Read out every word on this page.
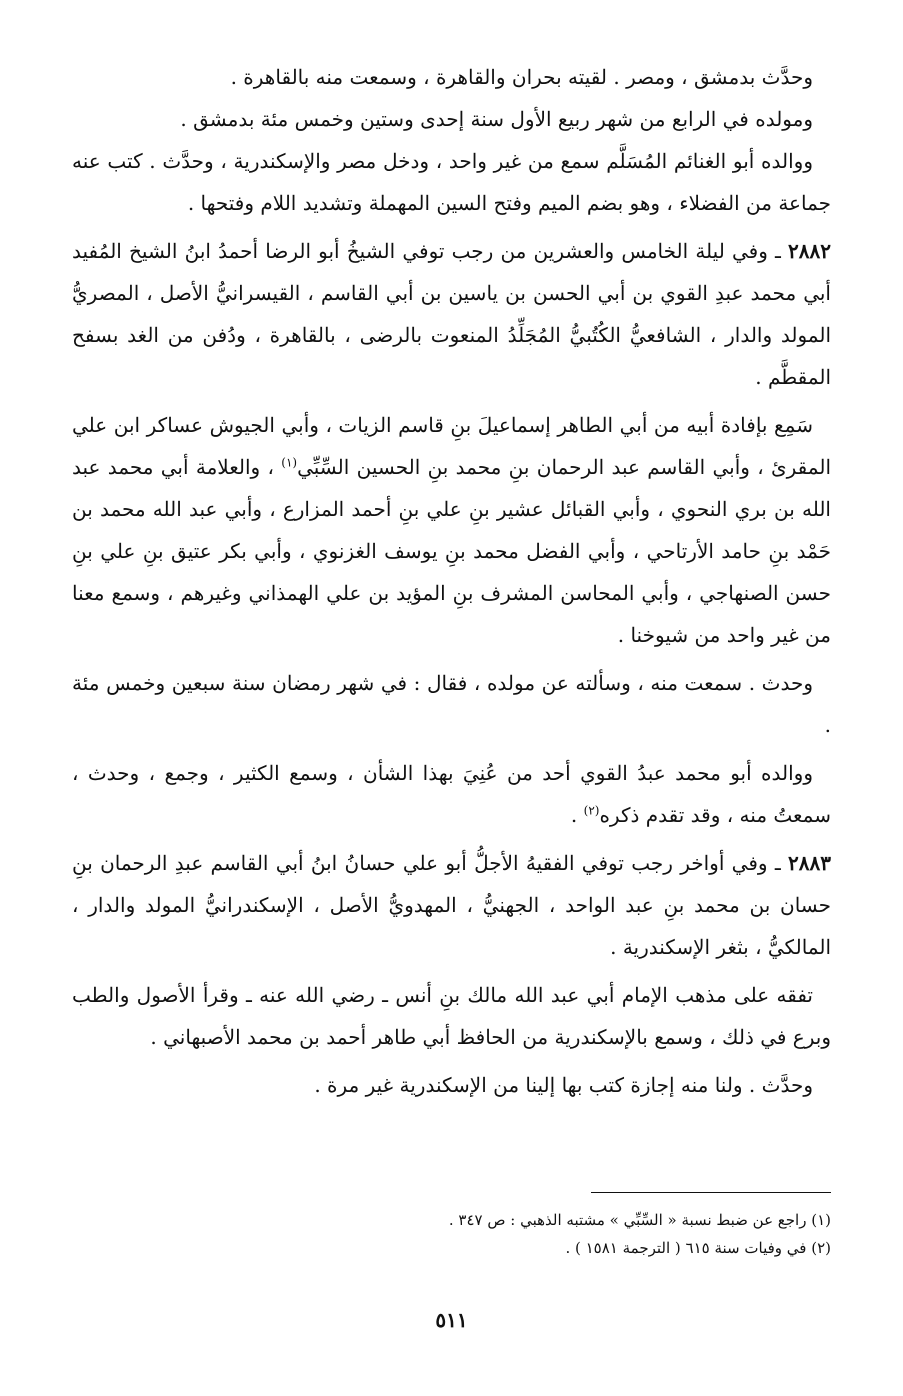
وحدَّث بدمشق ، ومصر . لقيته بحران والقاهرة ، وسمعت منه بالقاهرة .

ومولده في الرابع من شهر ربيع الأول سنة إحدى وستين وخمس مئة بدمشق .

ووالده أبو الغنائم المُسَلَّم سمع من غير واحد ، ودخل مصر والإسكندرية ، وحدَّث . كتب عنه جماعة من الفضلاء ، وهو بضم الميم وفتح السين المهملة وتشديد اللام وفتحها .

٢٨٨٢ ـ وفي ليلة الخامس والعشرين من رجب توفي الشيخُ أبو الرضا أحمدُ ابنُ الشيخ المُفيد أبي محمد عبدِ القوي بن أبي الحسن بن ياسين بن أبي القاسم ، القيسرانيُّ الأصل ، المصريُّ المولد والدار ، الشافعيُّ الكُتُبيُّ المُجَلِّدُ المنعوت بالرضى ، بالقاهرة ، ودُفن من الغد بسفح المقطَّم .

سَمِع بإفادة أبيه من أبي الطاهر إسماعيلَ بنِ قاسم الزيات ، وأبي الجيوش عساكر ابن علي المقرئ ، وأبي القاسم عبد الرحمان بنِ محمد بنِ الحسين السِّبِّي$^{(١)}$ ، والعلامة أبي محمد عبد الله بن بري النحوي ، وأبي القبائل عشير بنِ علي بنِ أحمد المزارع ، وأبي عبد الله محمد بن حَمْد بنِ حامد الأرتاحي ، وأبي الفضل محمد بنِ يوسف الغزنوي ، وأبي بكر عتيق بنِ علي بنِ حسن الصنهاجي ، وأبي المحاسن المشرف بنِ المؤيد بن علي الهمذاني وغيرهم ، وسمع معنا من غير واحد من شيوخنا .

وحدث . سمعت منه ، وسألته عن مولده ، فقال : في شهر رمضان سنة سبعين وخمس مئة .

ووالده أبو محمد عبدُ القوي أحد من عُنِيَ بهذا الشأن ، وسمع الكثير ، وجمع ، وحدث ، سمعتُ منه ، وقد تقدم ذكره$^{(٢)}$ .

٢٨٨٣ ـ وفي أواخر رجب توفي الفقيهُ الأجلُّ أبو علي حسانُ ابنُ أبي القاسم عبدِ الرحمان بنِ حسان بن محمد بنِ عبد الواحد ، الجهنيُّ ، المهدويُّ الأصل ، الإسكندرانيُّ المولد والدار ، المالكيُّ ، بثغر الإسكندرية .

تفقه على مذهب الإمام أبي عبد الله مالك بنِ أنس ـ رضي الله عنه ـ وقرأ الأصول والطب وبرع في ذلك ، وسمع بالإسكندرية من الحافظ أبي طاهر أحمد بن محمد الأصبهاني .

وحدَّث . ولنا منه إجازة كتب بها إلينا من الإسكندرية غير مرة .

(١) راجع عن ضبط نسبة « السِّبِّي » مشتبه الذهبي : ص ٣٤٧ .

(٢) في وفيات سنة ٦١٥ ( الترجمة ١٥٨١ ) .

٥١١
